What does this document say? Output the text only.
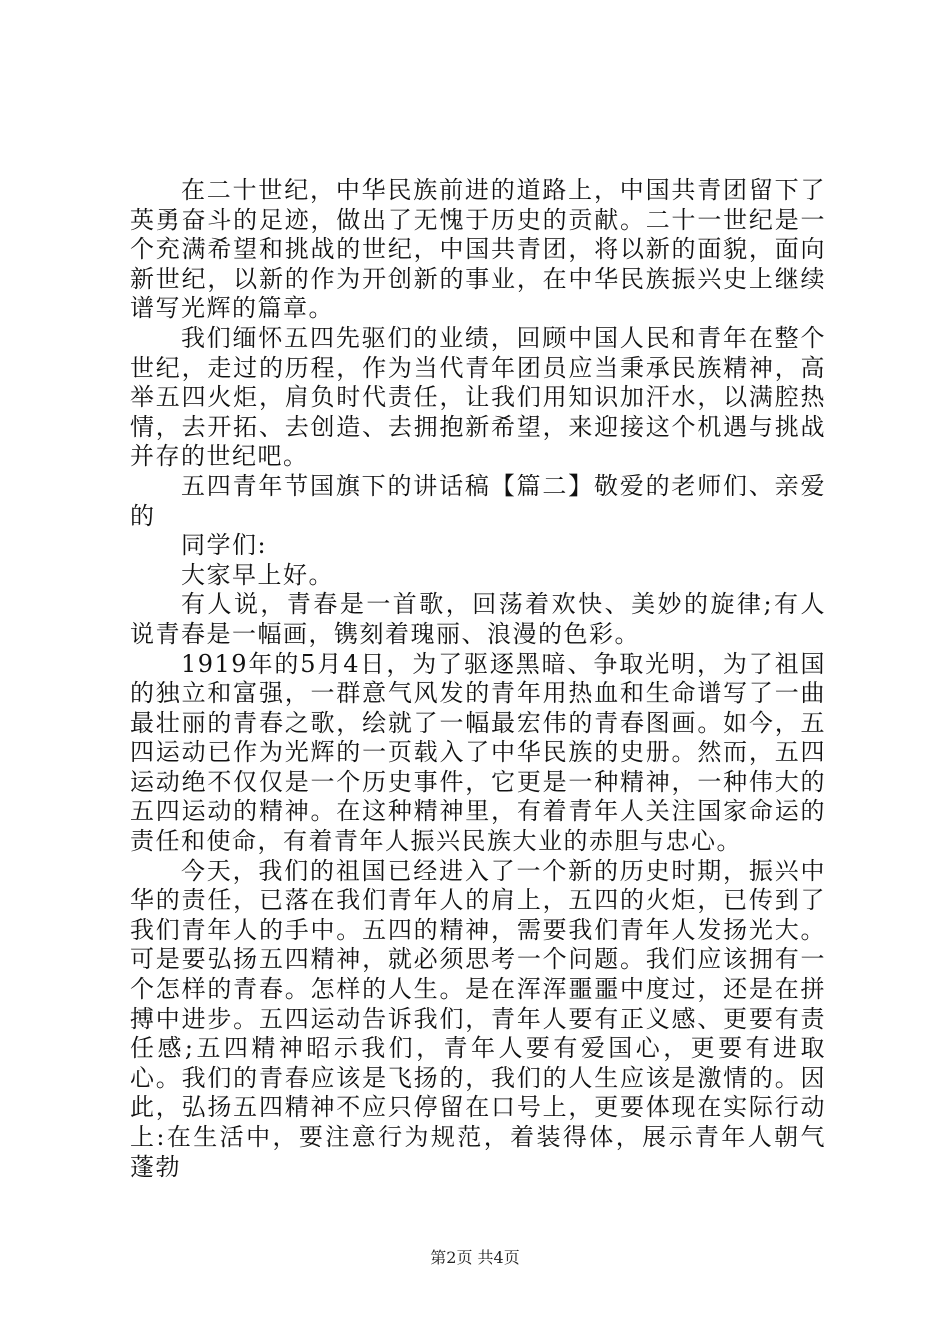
在二十世纪，中华民族前进的道路上，中国共青团留下了英勇奋斗的足迹，做出了无愧于历史的贡献。二十一世纪是一个充满希望和挑战的世纪，中国共青团，将以新的面貌，面向新世纪，以新的作为开创新的事业，在中华民族振兴史上继续谱写光辉的篇章。

我们缅怀五四先驱们的业绩，回顾中国人民和青年在整个世纪，走过的历程，作为当代青年团员应当秉承民族精神，高举五四火炬，肩负时代责任，让我们用知识加汗水，以满腔热情，去开拓、去创造、去拥抱新希望，来迎接这个机遇与挑战并存的世纪吧。

五四青年节国旗下的讲话稿【篇二】敬爱的老师们、亲爱的

同学们:

大家早上好。

有人说，青春是一首歌，回荡着欢快、美妙的旋律;有人说青春是一幅画，镌刻着瑰丽、浪漫的色彩。

1919年的5月4日，为了驱逐黑暗、争取光明，为了祖国的独立和富强，一群意气风发的青年用热血和生命谱写了一曲最壮丽的青春之歌，绘就了一幅最宏伟的青春图画。如今，五四运动已作为光辉的一页载入了中华民族的史册。然而，五四运动绝不仅仅是一个历史事件，它更是一种精神，一种伟大的五四运动的精神。在这种精神里，有着青年人关注国家命运的责任和使命，有着青年人振兴民族大业的赤胆与忠心。

今天，我们的祖国已经进入了一个新的历史时期，振兴中华的责任，已落在我们青年人的肩上，五四的火炬，已传到了我们青年人的手中。五四的精神，需要我们青年人发扬光大。可是要弘扬五四精神，就必须思考一个问题。我们应该拥有一个怎样的青春。怎样的人生。是在浑浑噩噩中度过，还是在拼搏中进步。五四运动告诉我们，青年人要有正义感、更要有责任感;五四精神昭示我们，青年人要有爱国心，更要有进取心。我们的青春应该是飞扬的，我们的人生应该是激情的。因此，弘扬五四精神不应只停留在口号上，更要体现在实际行动上:在生活中，要注意行为规范，着装得体，展示青年人朝气蓬勃

第2页 共4页
